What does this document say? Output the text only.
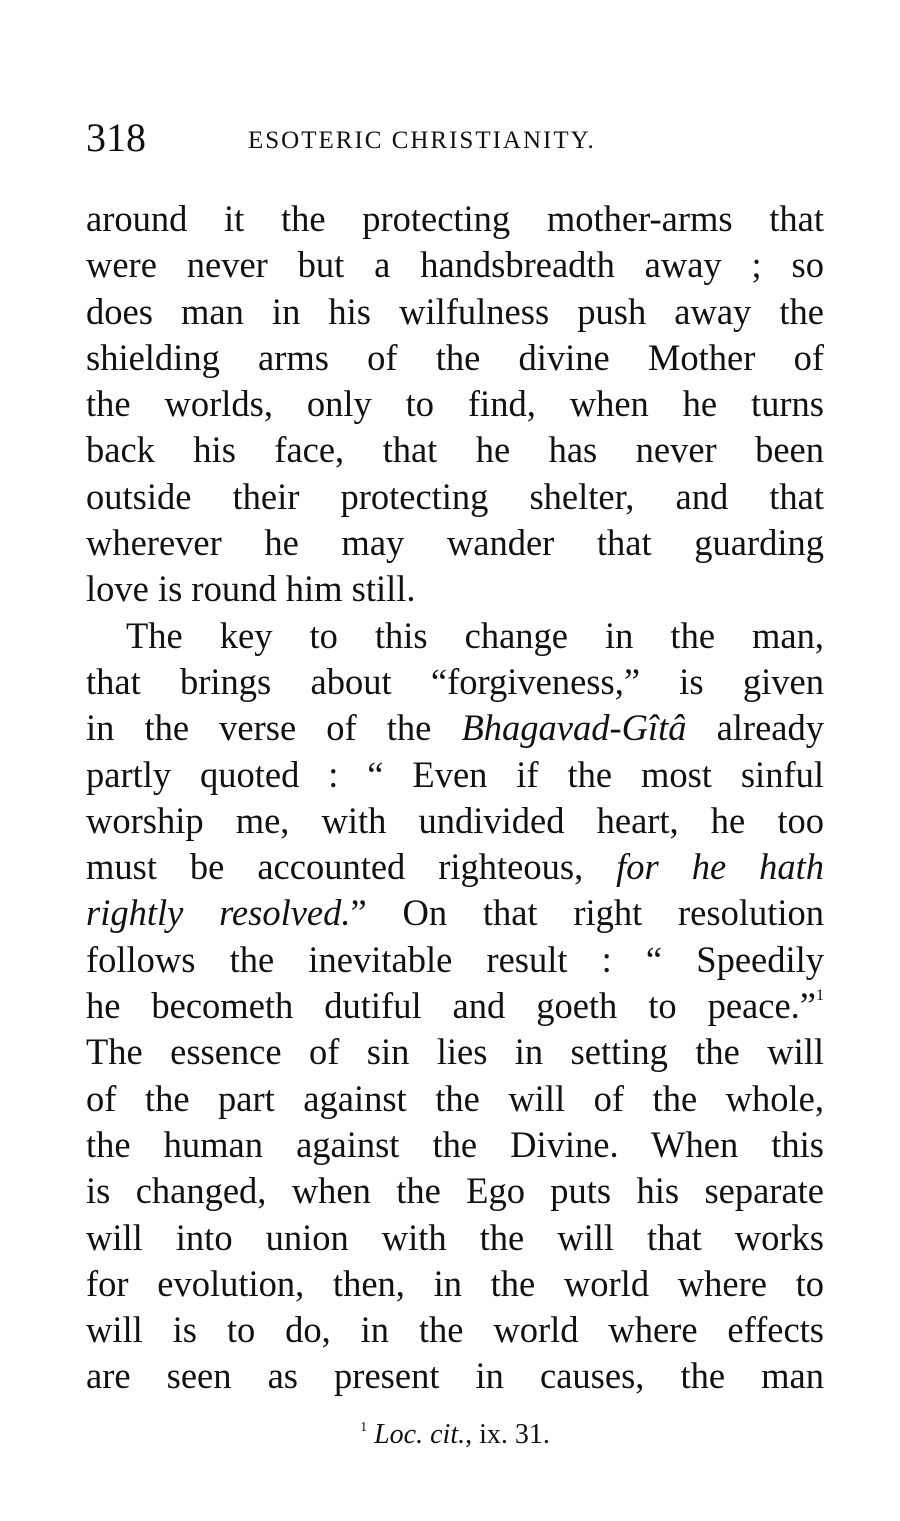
318	ESOTERIC CHRISTIANITY.
around it the protecting mother-arms that
were never but a handsbreadth away ; so
does man in his wilfulness push away the
shielding arms of the divine Mother of
the worlds, only to find, when he turns
back his face, that he has never been
outside their protecting shelter, and that
wherever he may wander that guarding
love is round him still.
The key to this change in the man,
that brings about “forgiveness,” is given
in the verse of the Bhagavad-Gîtâ already
partly quoted : “ Even if the most sinful
worship me, with undivided heart, he too
must be accounted righteous, for he hath
rightly resolved.” On that right resolution
follows the inevitable result : “ Speedily
he becometh dutiful and goeth to peace.”$^1$
The essence of sin lies in setting the will
of the part against the will of the whole,
the human against the Divine. When this
is changed, when the Ego puts his separate
will into union with the will that works
for evolution, then, in the world where to
will is to do, in the world where effects
are seen as present in causes, the man
$^1$ Loc. cit., ix. 31.
